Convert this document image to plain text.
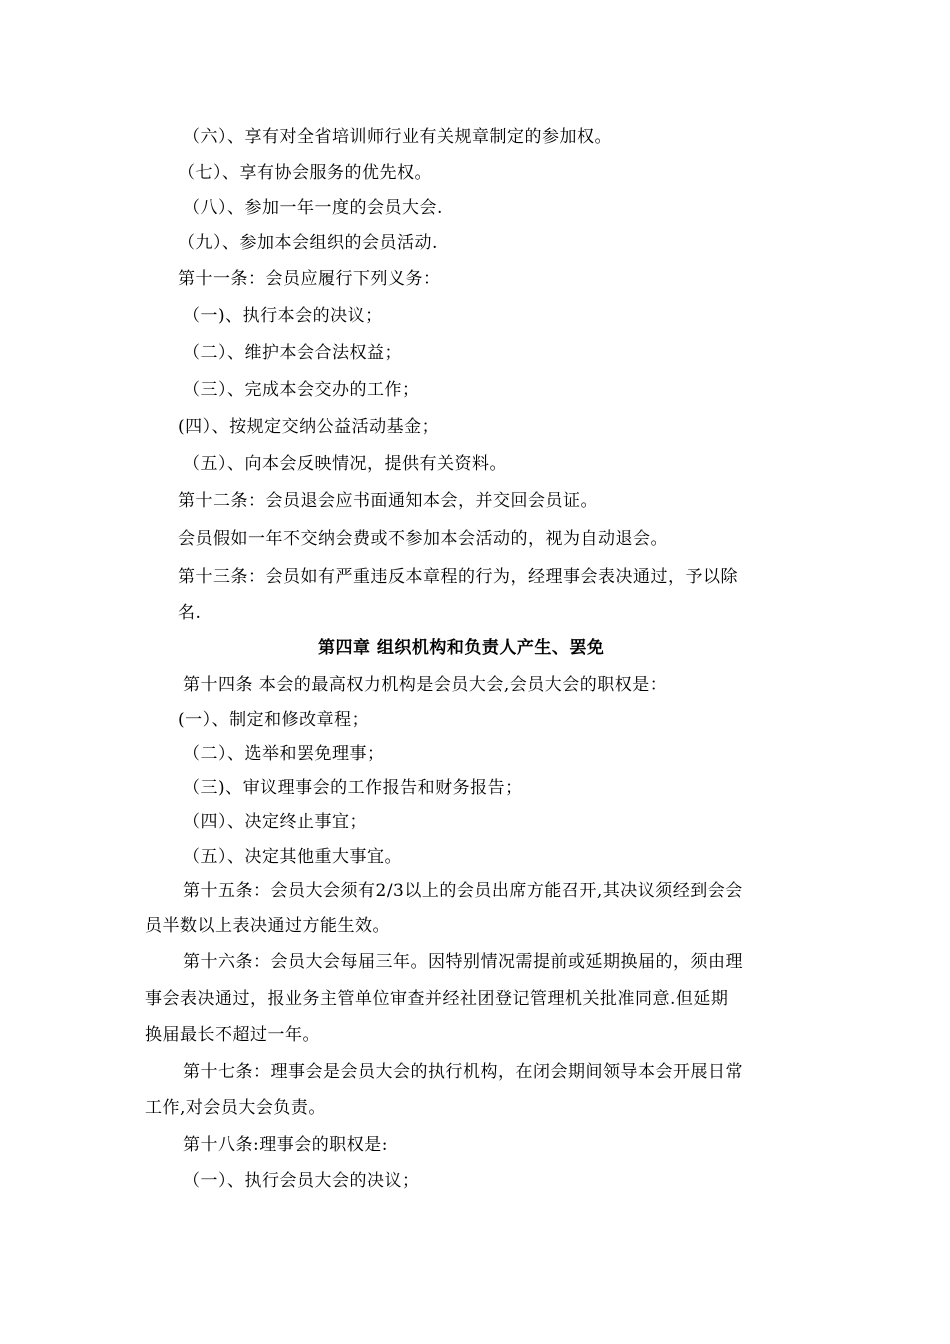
（六）、享有对全省培训师行业有关规章制定的参加权。
（七）、享有协会服务的优先权。
（八）、参加一年一度的会员大会.
（九）、参加本会组织的会员活动.
第十一条：会员应履行下列义务：
（一)、执行本会的决议；
（二）、维护本会合法权益；
（三）、完成本会交办的工作；
(四）、按规定交纳公益活动基金；
（五）、向本会反映情况，提供有关资料。
第十二条：会员退会应书面通知本会，并交回会员证。
会员假如一年不交纳会费或不参加本会活动的，视为自动退会。
第十三条：会员如有严重违反本章程的行为，经理事会表决通过，予以除
名.
第四章 组织机构和负责人产生、罢免
第十四条 本会的最高权力机构是会员大会,会员大会的职权是：
(一）、制定和修改章程；
（二）、选举和罢免理事；
（三)、审议理事会的工作报告和财务报告；
（四）、决定终止事宜；
（五）、决定其他重大事宜。
第十五条：会员大会须有2/3以上的会员出席方能召开,其决议须经到会会
员半数以上表决通过方能生效。
第十六条：会员大会每届三年。因特别情况需提前或延期换届的，须由理
事会表决通过，报业务主管单位审查并经社团登记管理机关批准同意.但延期
换届最长不超过一年。
第十七条：理事会是会员大会的执行机构，在闭会期间领导本会开展日常
工作,对会员大会负责。
第十八条:理事会的职权是:
（一）、执行会员大会的决议；
